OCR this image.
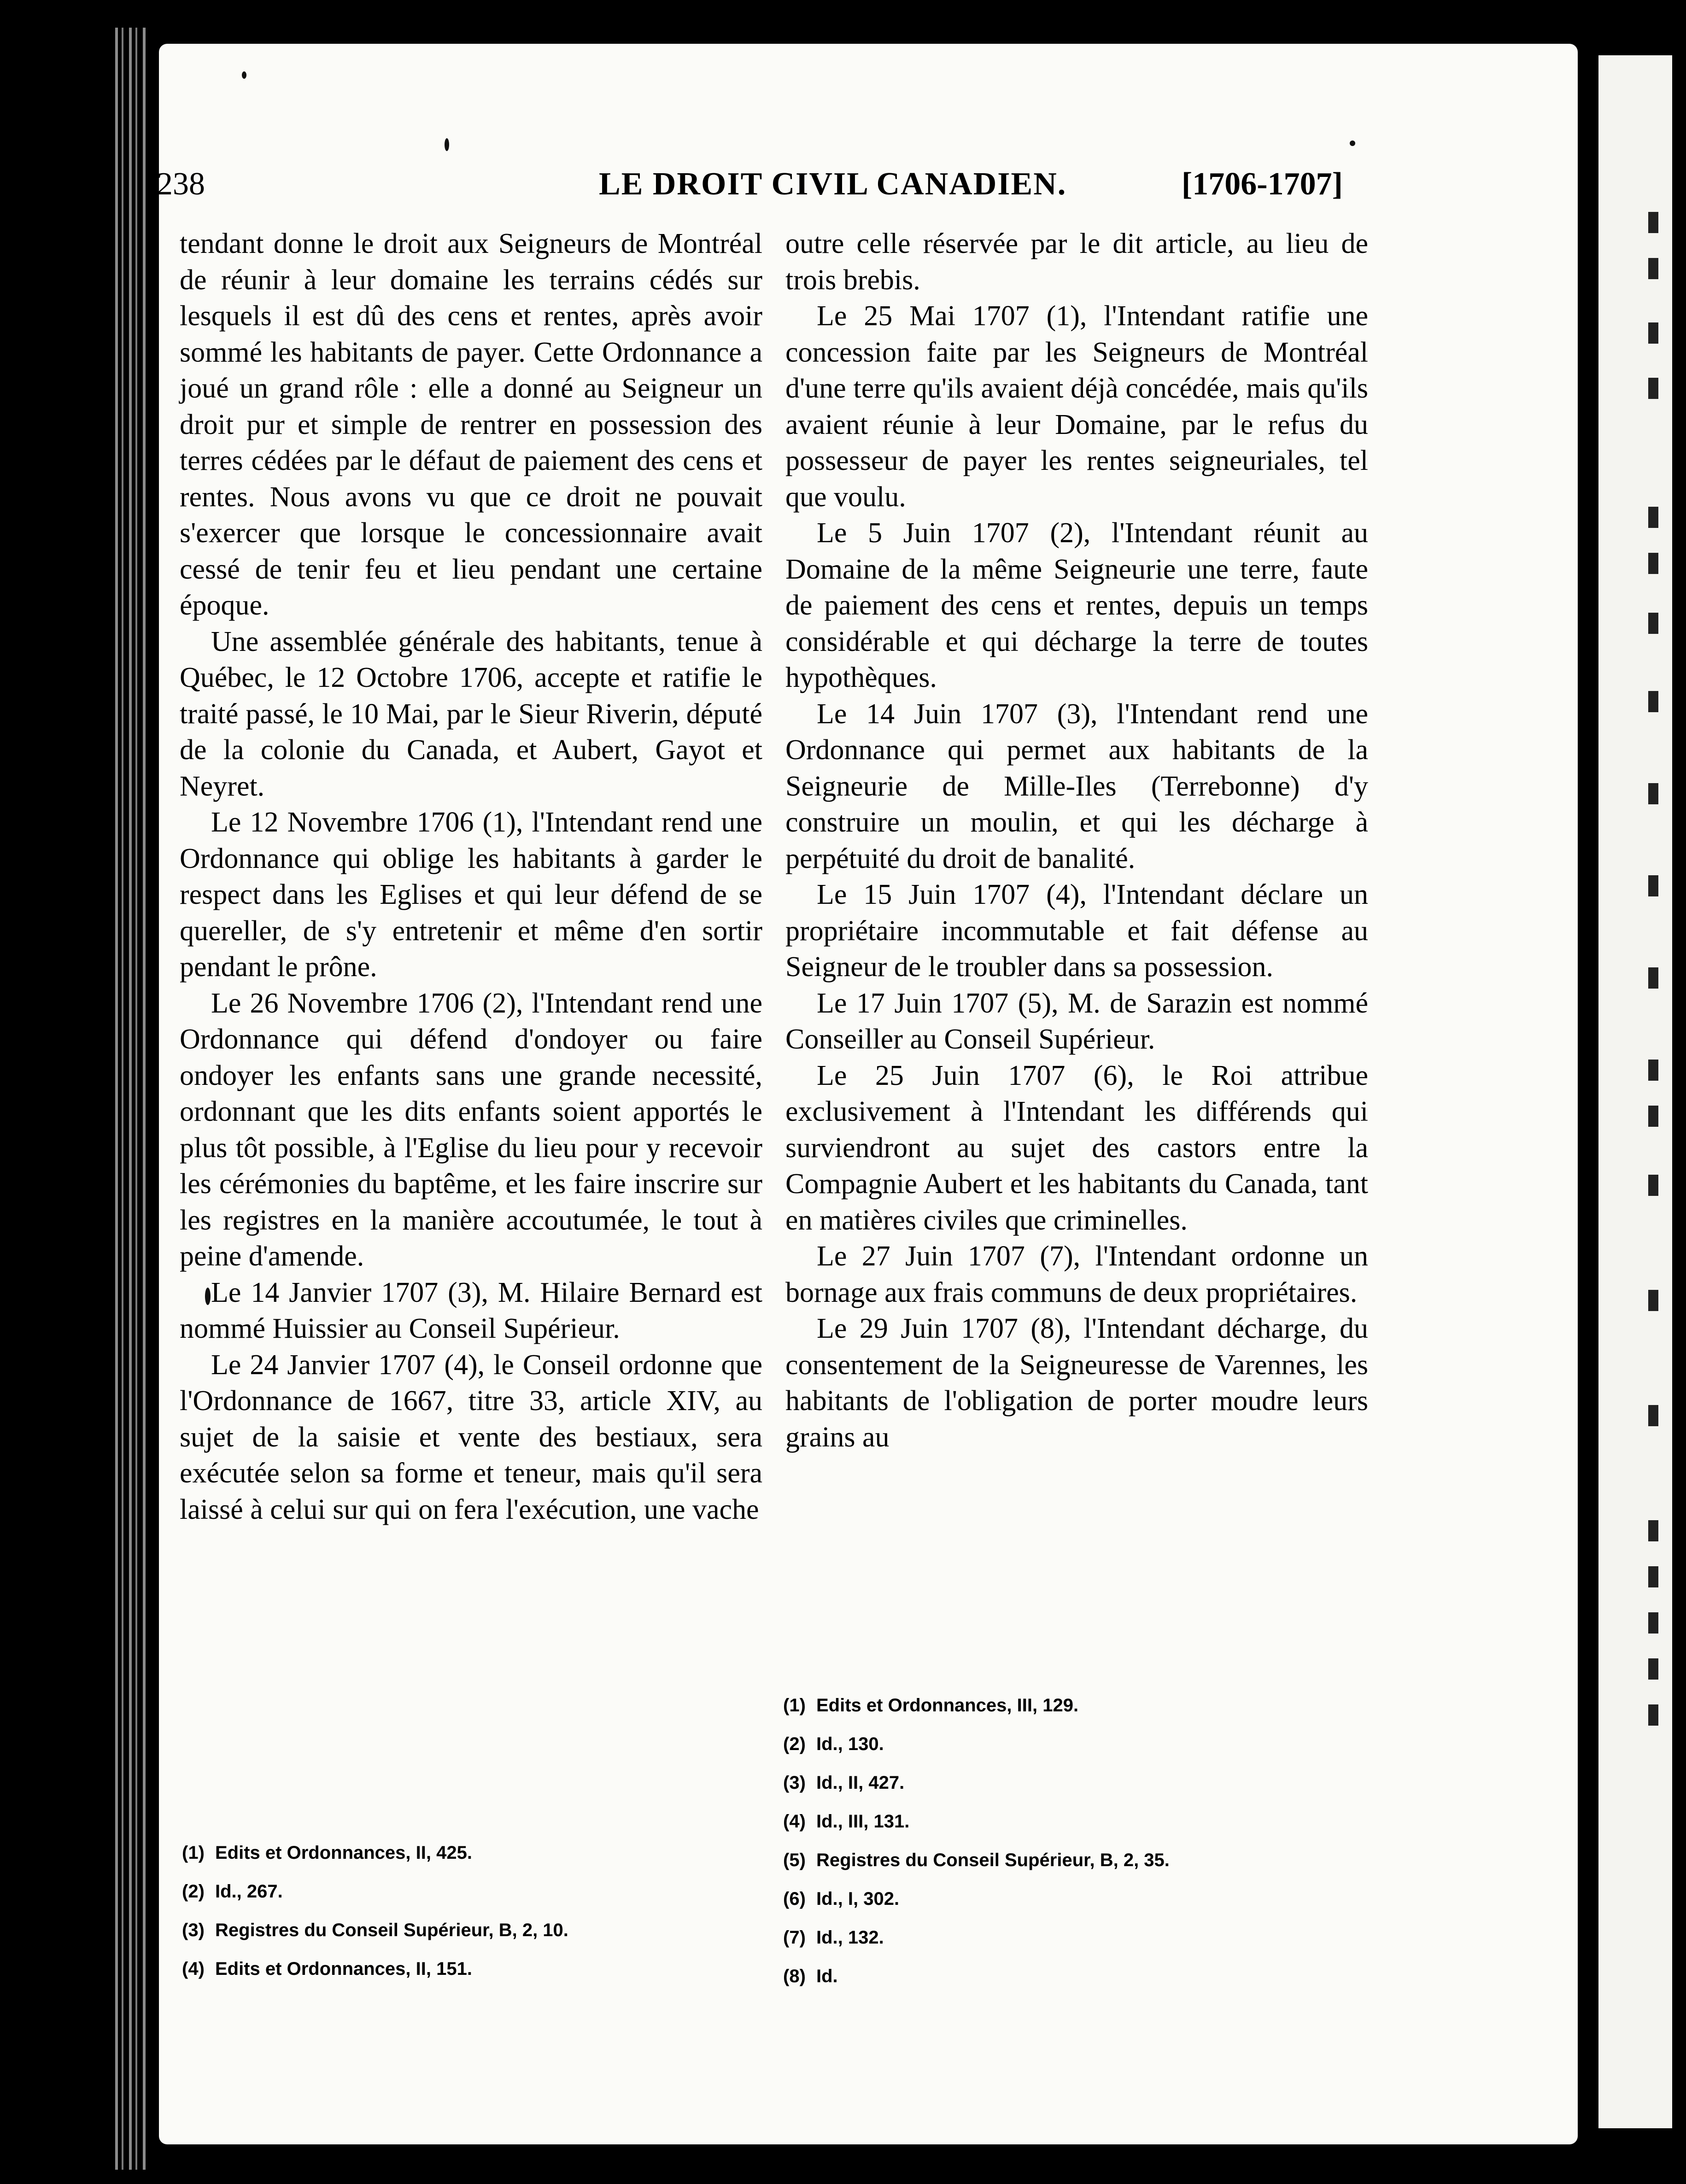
238	LE DROIT CIVIL CANADIEN.	[1706-1707]

tendant donne le droit aux Seigneurs de Montréal de réunir à leur domaine les terrains cédés sur lesquels il est dû des cens et rentes, après avoir sommé les habitants de payer. Cette Ordonnance a joué un grand rôle : elle a donné au Seigneur un droit pur et simple de rentrer en possession des terres cédées par le défaut de paiement des cens et rentes. Nous avons vu que ce droit ne pouvait s'exercer que lorsque le concessionnaire avait cessé de tenir feu et lieu pendant une certaine époque.

Une assemblée générale des habitants, tenue à Québec, le 12 Octobre 1706, accepte et ratifie le traité passé, le 10 Mai, par le Sieur Riverin, député de la colonie du Canada, et Aubert, Gayot et Neyret.

Le 12 Novembre 1706 (1), l'Intendant rend une Ordonnance qui oblige les habitants à garder le respect dans les Eglises et qui leur défend de se quereller, de s'y entretenir et même d'en sortir pendant le prône.

Le 26 Novembre 1706 (2), l'Intendant rend une Ordonnance qui défend d'ondoyer ou faire ondoyer les enfants sans une grande necessité, ordonnant que les dits enfants soient apportés le plus tôt possible, à l'Eglise du lieu pour y recevoir les cérémonies du baptême, et les faire inscrire sur les registres en la manière accoutumée, le tout à peine d'amende.

Le 14 Janvier 1707 (3), M. Hilaire Bernard est nommé Huissier au Conseil Supérieur.

Le 24 Janvier 1707 (4), le Conseil ordonne que l'Ordonnance de 1667, titre 33, article XIV, au sujet de la saisie et vente des bestiaux, sera exécutée selon sa forme et teneur, mais qu'il sera laissé à celui sur qui on fera l'exécution, une vache

outre celle réservée par le dit article, au lieu de trois brebis.

Le 25 Mai 1707 (1), l'Intendant ratifie une concession faite par les Seigneurs de Montréal d'une terre qu'ils avaient déjà concédée, mais qu'ils avaient réunie à leur Domaine, par le refus du possesseur de payer les rentes seigneuriales, tel que voulu.

Le 5 Juin 1707 (2), l'Intendant réunit au Domaine de la même Seigneurie une terre, faute de paiement des cens et rentes, depuis un temps considérable et qui décharge la terre de toutes hypothèques.

Le 14 Juin 1707 (3), l'Intendant rend une Ordonnance qui permet aux habitants de la Seigneurie de Mille-Iles (Terrebonne) d'y construire un moulin, et qui les décharge à perpétuité du droit de banalité.

Le 15 Juin 1707 (4), l'Intendant déclare un propriétaire incommutable et fait défense au Seigneur de le troubler dans sa possession.

Le 17 Juin 1707 (5), M. de Sarazin est nommé Conseiller au Conseil Supérieur.

Le 25 Juin 1707 (6), le Roi attribue exclusivement à l'Intendant les différends qui surviendront au sujet des castors entre la Compagnie Aubert et les habitants du Canada, tant en matières civiles que criminelles.

Le 27 Juin 1707 (7), l'Intendant ordonne un bornage aux frais communs de deux propriétaires.

Le 29 Juin 1707 (8), l'Intendant décharge, du consentement de la Seigneuresse de Varennes, les habitants de l'obligation de porter moudre leurs grains au

(1) Edits et Ordonnances, II, 425.
(2) Id., 267.
(3) Registres du Conseil Supérieur, B, 2, 10.
(4) Edits et Ordonnances, II, 151.
(1) Edits et Ordonnances, III, 129.
(2) Id., 130.
(3) Id., II, 427.
(4) Id., III, 131.
(5) Registres du Conseil Supérieur, B, 2, 35.
(6) Id., I, 302.
(7) Id., 132.
(8) Id.
